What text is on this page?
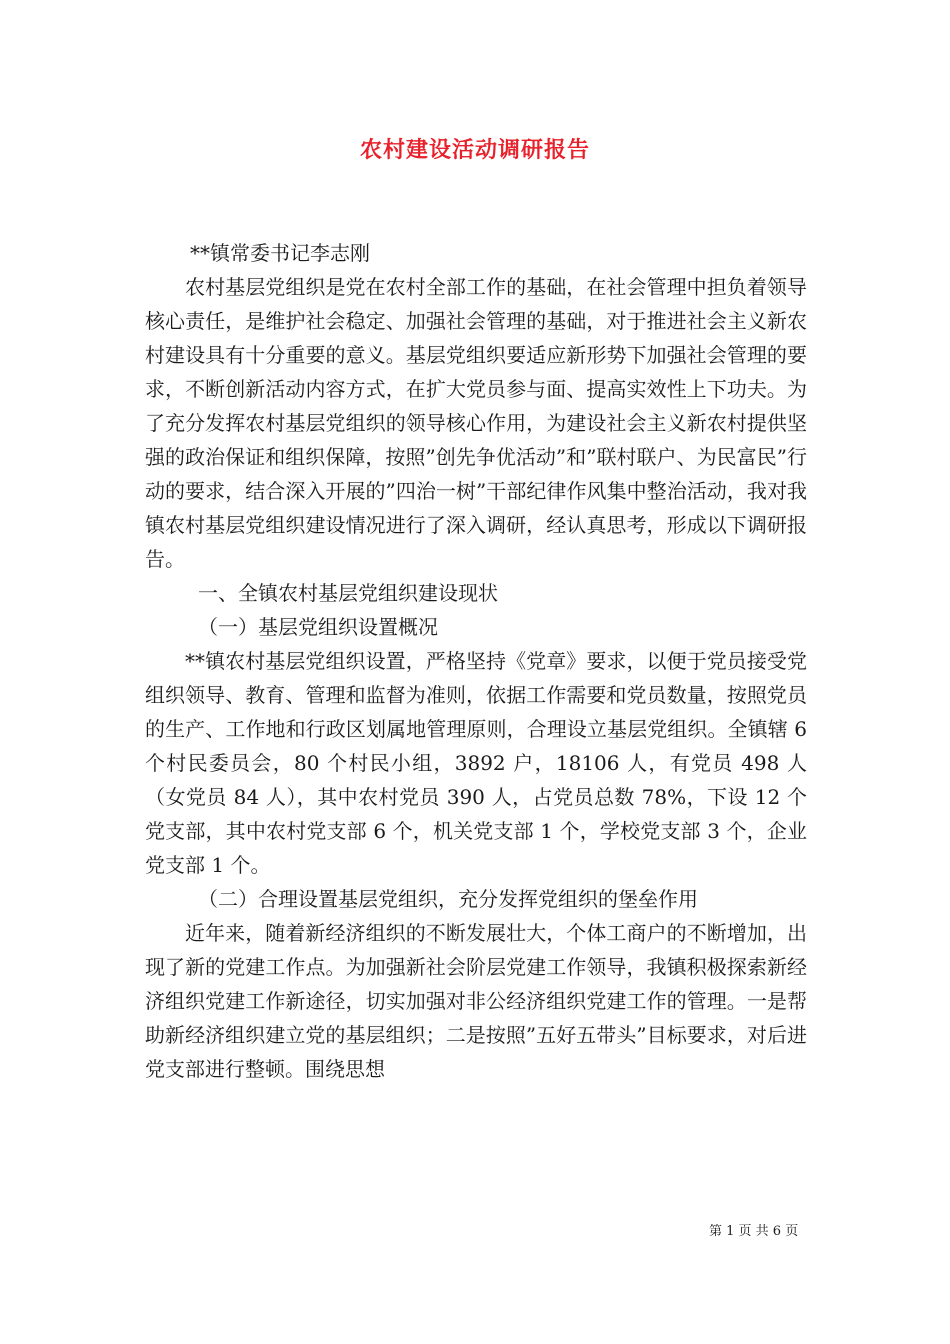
农村建设活动调研报告

**镇常委书记李志刚

农村基层党组织是党在农村全部工作的基础，在社会管理中担负着领导核心责任，是维护社会稳定、加强社会管理的基础，对于推进社会主义新农村建设具有十分重要的意义。基层党组织要适应新形势下加强社会管理的要求，不断创新活动内容方式，在扩大党员参与面、提高实效性上下功夫。为了充分发挥农村基层党组织的领导核心作用，为建设社会主义新农村提供坚强的政治保证和组织保障，按照”创先争优活动”和”联村联户、为民富民”行动的要求，结合深入开展的”四治一树”干部纪律作风集中整治活动，我对我镇农村基层党组织建设情况进行了深入调研，经认真思考，形成以下调研报告。

一、全镇农村基层党组织建设现状

（一）基层党组织设置概况

**镇农村基层党组织设置，严格坚持《党章》要求，以便于党员接受党组织领导、教育、管理和监督为准则，依据工作需要和党员数量，按照党员的生产、工作地和行政区划属地管理原则，合理设立基层党组织。全镇辖 6 个村民委员会，80 个村民小组，3892 户，18106 人，有党员 498 人（女党员 84 人），其中农村党员 390 人，占党员总数 78%，下设 12 个党支部，其中农村党支部 6 个，机关党支部 1 个，学校党支部 3 个，企业党支部 1 个。

（二）合理设置基层党组织，充分发挥党组织的堡垒作用

近年来，随着新经济组织的不断发展壮大，个体工商户的不断增加，出现了新的党建工作点。为加强新社会阶层党建工作领导，我镇积极探索新经济组织党建工作新途径，切实加强对非公经济组织党建工作的管理。一是帮助新经济组织建立党的基层组织；二是按照”五好五带头”目标要求，对后进党支部进行整顿。围绕思想

第 1 页 共 6 页
